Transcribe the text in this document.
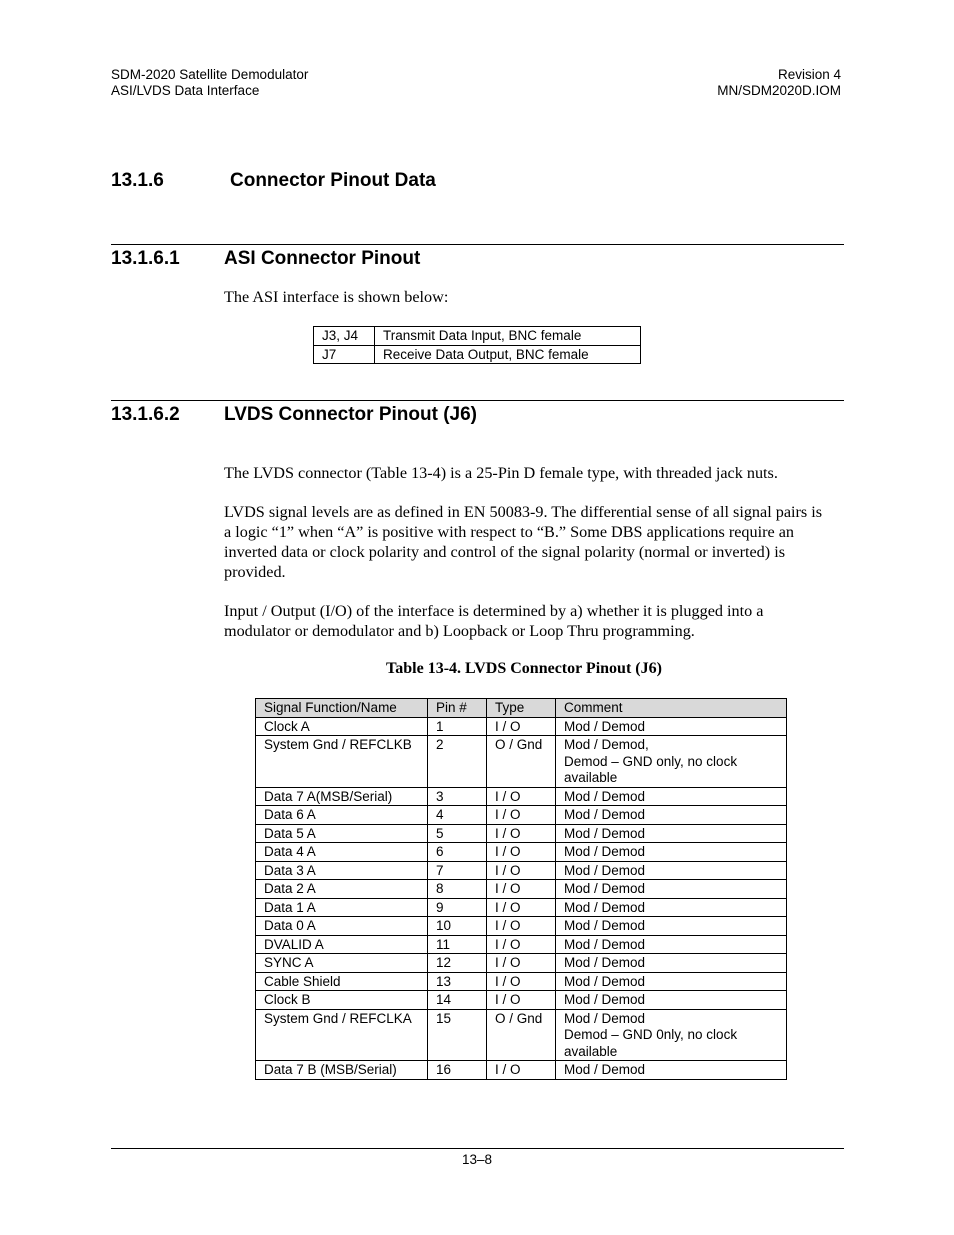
SDM-2020 Satellite Demodulator
ASI/LVDS Data Interface
Revision 4
MN/SDM2020D.IOM
13.1.6	Connector Pinout Data
13.1.6.1 ASI Connector Pinout
The ASI interface is shown below:
J3, J4	Transmit Data Input, BNC female
J7	Receive Data Output, BNC female
13.1.6.2 LVDS Connector Pinout (J6)
The LVDS connector (Table 13-4) is a 25-Pin D female type, with threaded jack nuts.
LVDS signal levels are as defined in EN 50083-9. The differential sense of all signal pairs is a logic “1” when “A” is positive with respect to “B.” Some DBS applications require an inverted data or clock polarity and control of the signal polarity (normal or inverted) is provided.
Input / Output (I/O) of the interface is determined by a) whether it is plugged into a modulator or demodulator and b) Loopback or Loop Thru programming.
Table 13-4. LVDS Connector Pinout (J6)
Signal Function/Name	Pin #	Type	Comment
Clock A	1	I / O	Mod / Demod

System Gnd / REFCLKB	2	O / Gnd	Mod / Demod,
Demod – GND only, no clock
available

Data 7 A(MSB/Serial)	3	I / O	Mod / Demod

Data 6 A	4	I / O	Mod / Demod

Data 5 A	5	I / O	Mod / Demod

Data 4 A	6	I / O	Mod / Demod

Data 3 A	7	I / O	Mod / Demod

Data 2 A	8	I / O	Mod / Demod

Data 1 A	9	I / O	Mod / Demod

Data 0 A	10	I / O	Mod / Demod

DVALID A	11	I / O	Mod / Demod

SYNC A	12	I / O	Mod / Demod

Cable Shield	13	I / O	Mod / Demod

Clock B	14	I / O	Mod / Demod

System Gnd / REFCLKA	15	O / Gnd	Mod / Demod
Demod – GND 0nly, no clock
available

Data 7 B (MSB/Serial)	16	I / O	Mod / Demod
13–8
